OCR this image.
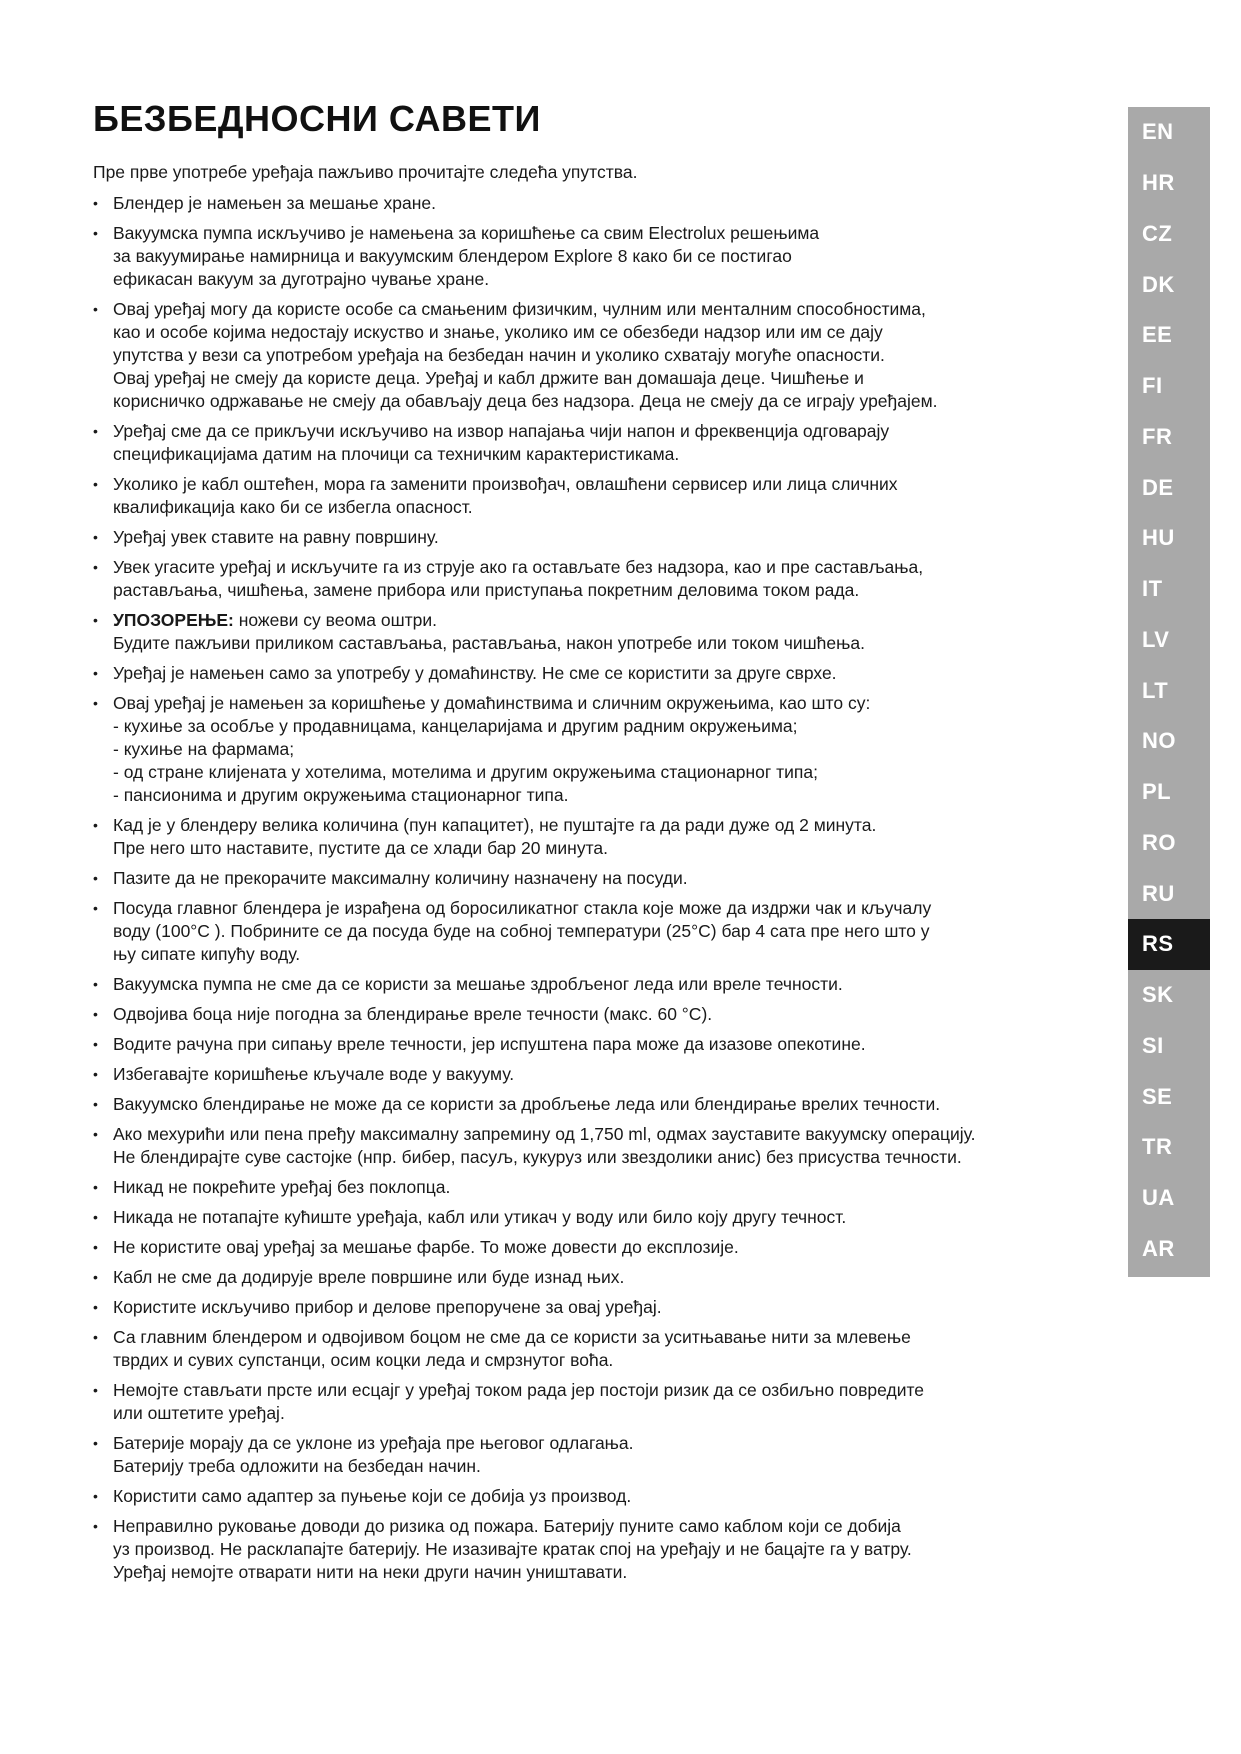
БЕЗБЕДНОСНИ САВЕТИ

Пре прве употребе уређаја пажљиво прочитајте следећа упутства.

• Блендер је намењен за мешање хране.
• Вакуумска пумпа искључиво је намењена за коришћење са свим Electrolux решењима
за вакуумирање намирница и вакуумским блендером Explore 8 како би се постигао
ефикасан вакуум за дуготрајно чување хране.
• Овај уређај могу да користе особе са смањеним физичким, чулним или менталним способностима,
као и особе којима недостају искуство и знање, уколико им се обезбеди надзор или им се дају
упутства у вези са употребом уређаја на безбедан начин и уколико схватају могуће опасности.
Овај уређај не смеју да користе деца. Уређај и кабл држите ван домашаја деце. Чишћење и
корисничко одржавање не смеју да обављају деца без надзора. Деца не смеју да се играју уређајем.
• Уређај сме да се прикључи искључиво на извор напајања чији напон и фреквенција одговарају
спецификацијама датим на плочици са техничким карактеристикама.
• Уколико је кабл оштећен, мора га заменити произвођач, овлашћени сервисер или лица сличних
квалификација како би се избегла опасност.
• Уређај увек ставите на равну површину.
• Увек угасите уређај и искључите га из струје ако га остављате без надзора, као и пре састављања,
растављања, чишћења, замене прибора или приступања покретним деловима током рада.
• УПОЗОРЕЊЕ: ножеви су веома оштри.
Будите пажљиви приликом састављања, растављања, након употребе или током чишћења.
• Уређај је намењен само за употребу у домаћинству. Не сме се користити за друге сврхе.
• Овај уређај је намењен за коришћење у домаћинствима и сличним окружењима, као што су:
- кухиње за особље у продавницама, канцеларијама и другим радним окружењима;
- кухиње на фармама;
- од стране клијената у хотелима, мотелима и другим окружењима стационарног типа;
- пансионима и другим окружењима стационарног типа.
• Кад је у блендеру велика количина (пун капацитет), не пуштајте га да ради дуже од 2 минута.
Пре него што наставите, пустите да се хлади бар 20 минута.
• Пазите да не прекорачите максималну количину назначену на посуди.
• Посуда главног блендера је израђена од боросиликатног стакла које може да издржи чак и кључалу
воду (100°C ). Побрините се да посуда буде на собној температури (25°C) бар 4 сата пре него што у
њу сипате кипућу воду.
• Вакуумска пумпа не сме да се користи за мешање здробљеног леда или вреле течности.
• Одвојива боца није погодна за блендирање вреле течности (макс. 60 °C).
• Водите рачуна при сипању вреле течности, јер испуштена пара може да изазове опекотине.
• Избегавајте коришћење кључале воде у вакууму.
• Вакуумско блендирање не може да се користи за дробљење леда или блендирање врелих течности.
• Ако мехурићи или пена пређу максималну запремину од 1,750 ml, одмах зауставите вакуумску операцију.
Не блендирајте суве састојке (нпр. бибер, пасуљ, кукуруз или звездолики анис) без присуства течности.
• Никад не покрећите уређај без поклопца.
• Никада не потапајте кућиште уређаја, кабл или утикач у воду или било коју другу течност.
• Не користите овај уређај за мешање фарбе. То може довести до експлозије.
• Кабл не сме да додирује вреле површине или буде изнад њих.
• Користите искључиво прибор и делове препоручене за овај уређај.
• Са главним блендером и одвојивом боцом не сме да се користи за уситњавање нити за млевење
тврдих и сувих супстанци, осим коцки леда и смрзнутог воћа.
• Немојте стављати прсте или есцајг у уређај током рада јер постоји ризик да се озбиљно повредите
или оштетите уређај.
• Батерије морају да се уклоне из уређаја пре његовог одлагања.
Батерију треба одложити на безбедан начин.
• Користити само адаптер за пуњење који се добија уз производ.
• Неправилно руковање доводи до ризика од пожара. Батерију пуните само каблом који се добија
уз производ. Не расклапајте батерију. Не изазивајте кратак спој на уређају и не бацајте га у ватру.
Уређај немојте отварати нити на неки други начин уништавати.
EN
HR
CZ
DK
EE
FI
FR
DE
HU
IT
LV
LT
NO
PL
RO
RU
RS
SK
SI
SE
TR
UA
AR
